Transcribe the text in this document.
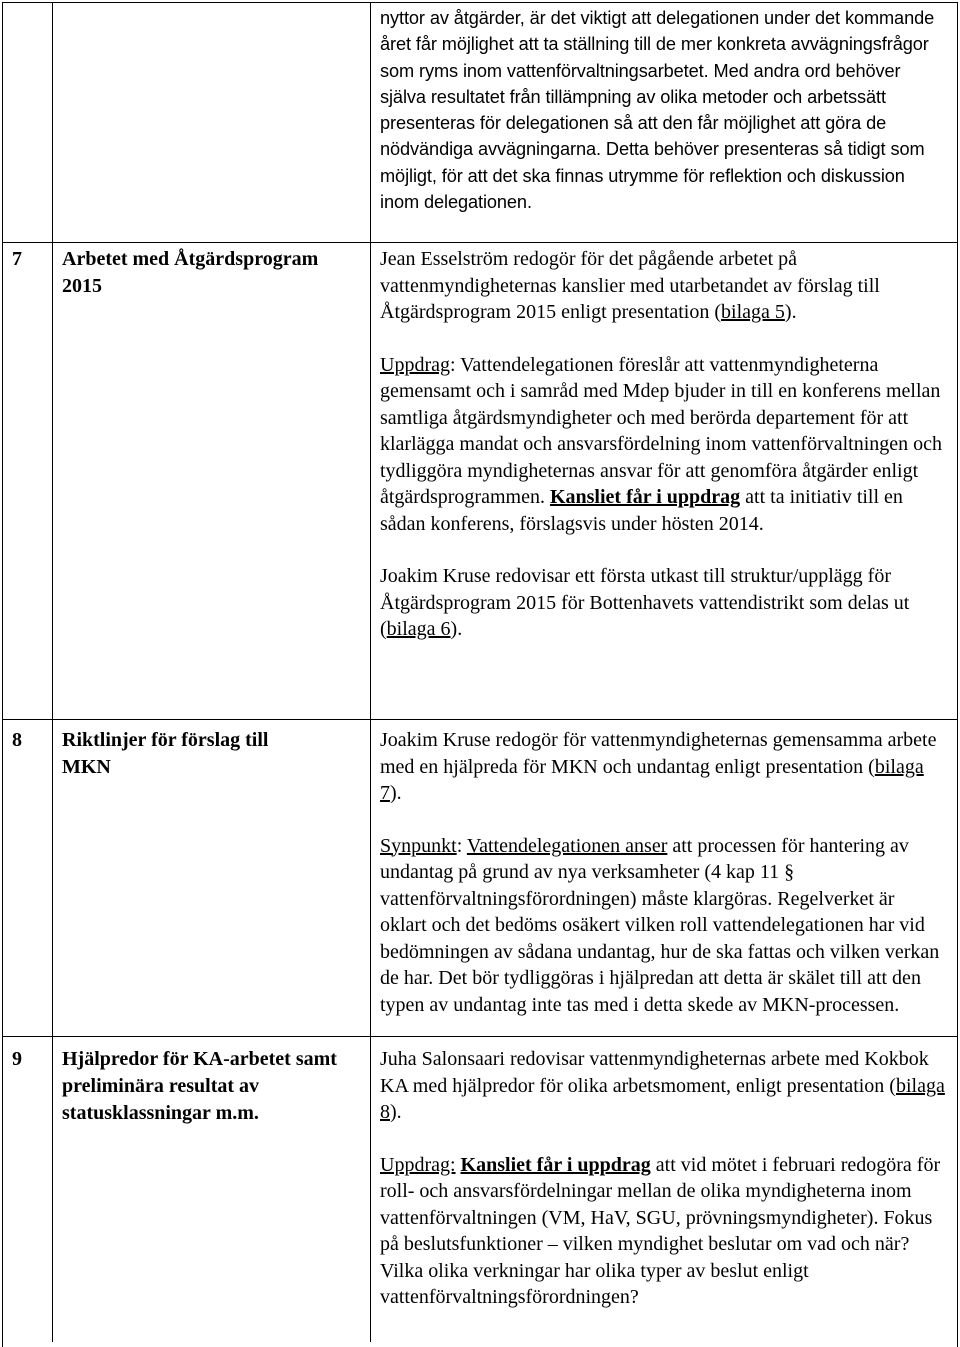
7 Arbetet med Åtgärdsprogram 2015
8 Riktlinjer för förslag till MKN
9 Hjälpredor för KA-arbetet samt preliminära resultat av statusklassningar m.m.

nyttor av åtgärder, är det viktigt att delegationen under det kommande året får möjlighet att ta ställning till de mer konkreta avvägningsfrågor som ryms inom vattenförvaltningsarbetet. Med andra ord behöver själva resultatet från tillämpning av olika metoder och arbetssätt presenteras för delegationen så att den får möjlighet att göra de nödvändiga avvägningarna. Detta behöver presenteras så tidigt som möjligt, för att det ska finnas utrymme för reflektion och diskussion inom delegationen.

Jean Esselström redogör för det pågående arbetet på vattenmyndigheternas kanslier med utarbetandet av förslag till Åtgärdsprogram 2015 enligt presentation (bilaga 5).

Uppdrag: Vattendelegationen föreslår att vattenmyndigheterna gemensamt och i samråd med Mdep bjuder in till en konferens mellan samtliga åtgärdsmyndigheter och med berörda departement för att klarlägga mandat och ansvarsfördelning inom vattenförvaltningen och tydliggöra myndigheternas ansvar för att genomföra åtgärder enligt åtgärdsprogrammen. Kansliet får i uppdrag att ta initiativ till en sådan konferens, förslagsvis under hösten 2014.

Joakim Kruse redovisar ett första utkast till struktur/upplägg för Åtgärdsprogram 2015 för Bottenhavets vattendistrikt som delas ut (bilaga 6).

Joakim Kruse redogör för vattenmyndigheternas gemensamma arbete med en hjälpreda för MKN och undantag enligt presentation (bilaga 7).

Synpunkt: Vattendelegationen anser att processen för hantering av undantag på grund av nya verksamheter (4 kap 11 § vattenförvaltningsförordningen) måste klargöras. Regelverket är oklart och det bedöms osäkert vilken roll vattendelegationen har vid bedömningen av sådana undantag, hur de ska fattas och vilken verkan de har. Det bör tydliggöras i hjälpredan att detta är skälet till att den typen av undantag inte tas med i detta skede av MKN-processen.

Juha Salonsaari redovisar vattenmyndigheternas arbete med Kokbok KA med hjälpredor för olika arbetsmoment, enligt presentation (bilaga 8).

Uppdrag: Kansliet får i uppdrag att vid mötet i februari redogöra för roll- och ansvarsfördelningar mellan de olika myndigheterna inom vattenförvaltningen (VM, HaV, SGU, prövningsmyndigheter). Fokus på beslutsfunktioner – vilken myndighet beslutar om vad och när? Vilka olika verkningar har olika typer av beslut enligt vattenförvaltningsförordningen?
